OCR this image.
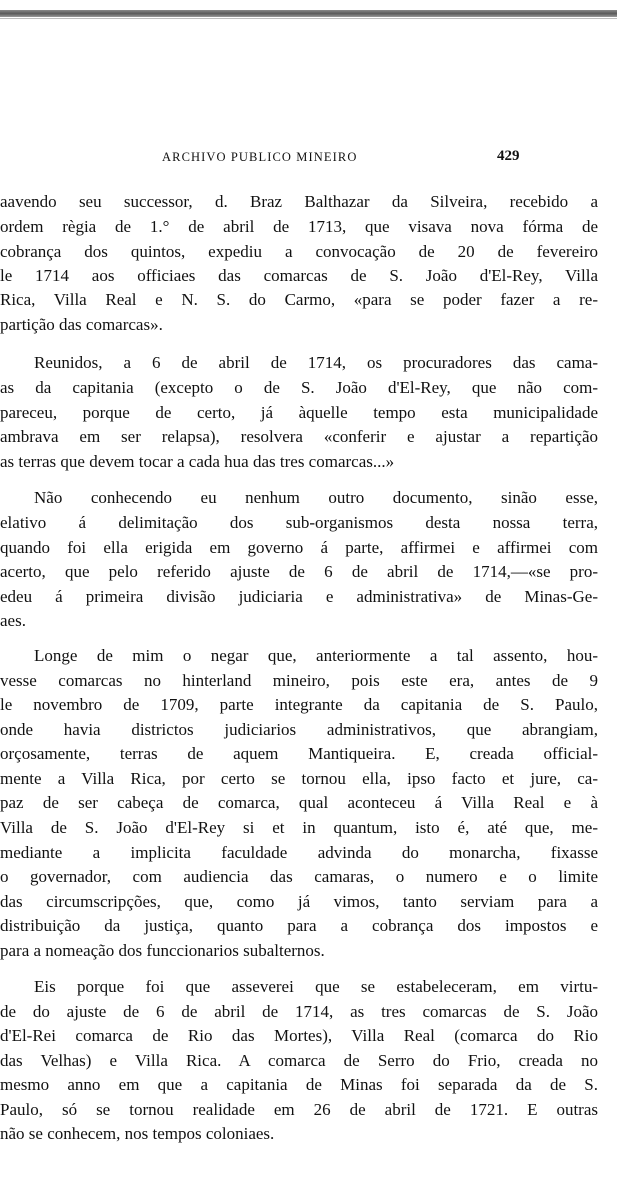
ARCHIVO PUBLICO MINEIRO	429
aavendo seu successor, d. Braz Balthazar da Silveira, recebido a
ordem règia de 1.° de abril de 1713, que visava nova fórma de
cobrança dos quintos, expediu a convocação de 20 de fevereiro
le 1714 aos officiaes das comarcas de S. João d'El-Rey, Villa
Rica, Villa Real e N. S. do Carmo, «para se poder fazer a re-
partição das comarcas».
Reunidos, a 6 de abril de 1714, os procuradores das cama-
as da capitania (excepto o de S. João d'El-Rey, que não com-
pareceu, porque de certo, já àquelle tempo esta municipalidade
ambrava em ser relapsa), resolvera «conferir e ajustar a repartição
as terras que devem tocar a cada hua das tres comarcas...»
Não conhecendo eu nenhum outro documento, sinão esse,
elativo á delimitação dos sub-organismos desta nossa terra,
quando foi ella erigida em governo á parte, affirmei e affirmei com
acerto, que pelo referido ajuste de 6 de abril de 1714,—«se pro-
edeu á primeira divisão judiciaria e administrativa» de Minas-Ge-
aes.
Longe de mim o negar que, anteriormente a tal assento, hou-
vesse comarcas no hinterland mineiro, pois este era, antes de 9
le novembro de 1709, parte integrante da capitania de S. Paulo,
onde havia districtos judiciarios administrativos, que abrangiam,
orçosamente, terras de aquem Mantiqueira. E, creada official-
mente a Villa Rica, por certo se tornou ella, ipso facto et jure, ca-
paz de ser cabeça de comarca, qual aconteceu á Villa Real e à
Villa de S. João d'El-Rey si et in quantum, isto é, até que, me-
mediante a implicita faculdade advinda do monarcha, fixasse
o governador, com audiencia das camaras, o numero e o limite
das circumscripções, que, como já vimos, tanto serviam para a
distribuição da justiça, quanto para a cobrança dos impostos e
para a nomeação dos funccionarios subalternos.
Eis porque foi que asseverei que se estabeleceram, em virtu-
de do ajuste de 6 de abril de 1714, as tres comarcas de S. João
d'El-Rei comarca de Rio das Mortes), Villa Real (comarca do Rio
das Velhas) e Villa Rica. A comarca de Serro do Frio, creada no
mesmo anno em que a capitania de Minas foi separada da de S.
Paulo, só se tornou realidade em 26 de abril de 1721. E outras
não se conhecem, nos tempos coloniaes.
